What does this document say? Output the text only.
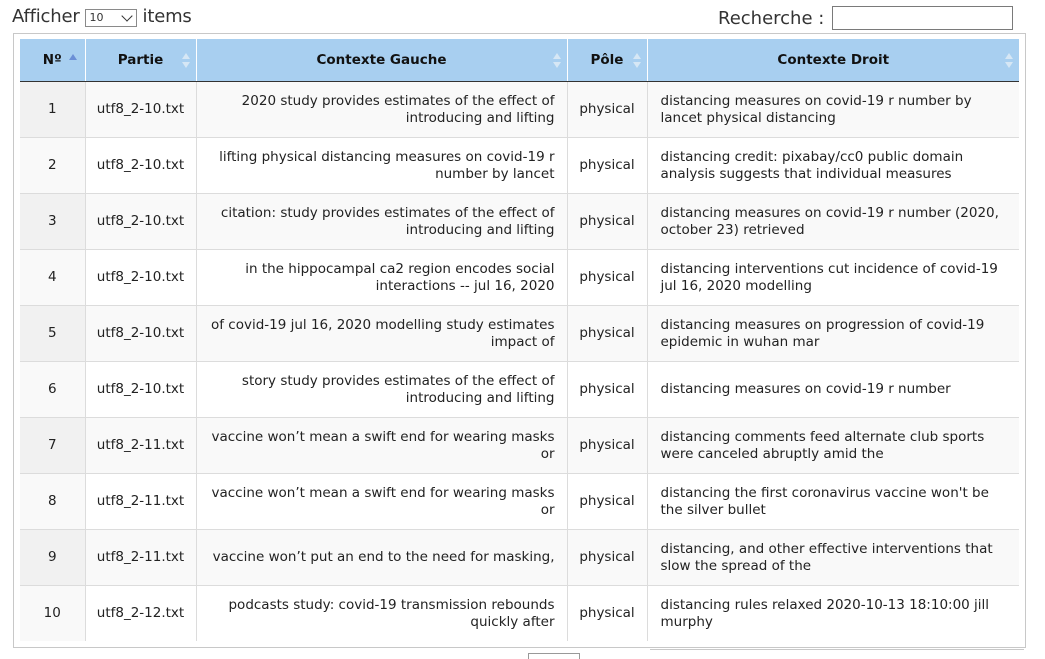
Afficher 10 items	Recherche :
Nº	Partie	Contexte Gauche	Pôle	Contexte Droit

1	utf8_2-10.txt	2020 study provides estimates of the effect of introducing and lifting	physical	distancing measures on covid-19 r number by lancet physical distancing
2	utf8_2-10.txt	lifting physical distancing measures on covid-19 r number by lancet	physical	distancing credit: pixabay/cc0 public domain analysis suggests that individual measures
3	utf8_2-10.txt	citation: study provides estimates of the effect of introducing and lifting	physical	distancing measures on covid-19 r number (2020, october 23) retrieved
4	utf8_2-10.txt	in the hippocampal ca2 region encodes social interactions -- jul 16, 2020	physical	distancing interventions cut incidence of covid-19 jul 16, 2020 modelling
5	utf8_2-10.txt	of covid-19 jul 16, 2020 modelling study estimates impact of	physical	distancing measures on progression of covid-19 epidemic in wuhan mar
6	utf8_2-10.txt	story study provides estimates of the effect of introducing and lifting	physical	distancing measures on covid-19 r number
7	utf8_2-11.txt	vaccine won’t mean a swift end for wearing masks or	physical	distancing comments feed alternate club sports were canceled abruptly amid the
8	utf8_2-11.txt	vaccine won’t mean a swift end for wearing masks or	physical	distancing the first coronavirus vaccine won't be the silver bullet
9	utf8_2-11.txt	vaccine won’t put an end to the need for masking,	physical	distancing, and other effective interventions that slow the spread of the
10	utf8_2-12.txt	podcasts study: covid-19 transmission rebounds quickly after	physical	distancing rules relaxed 2020-10-13 18:10:00 jill murphy
